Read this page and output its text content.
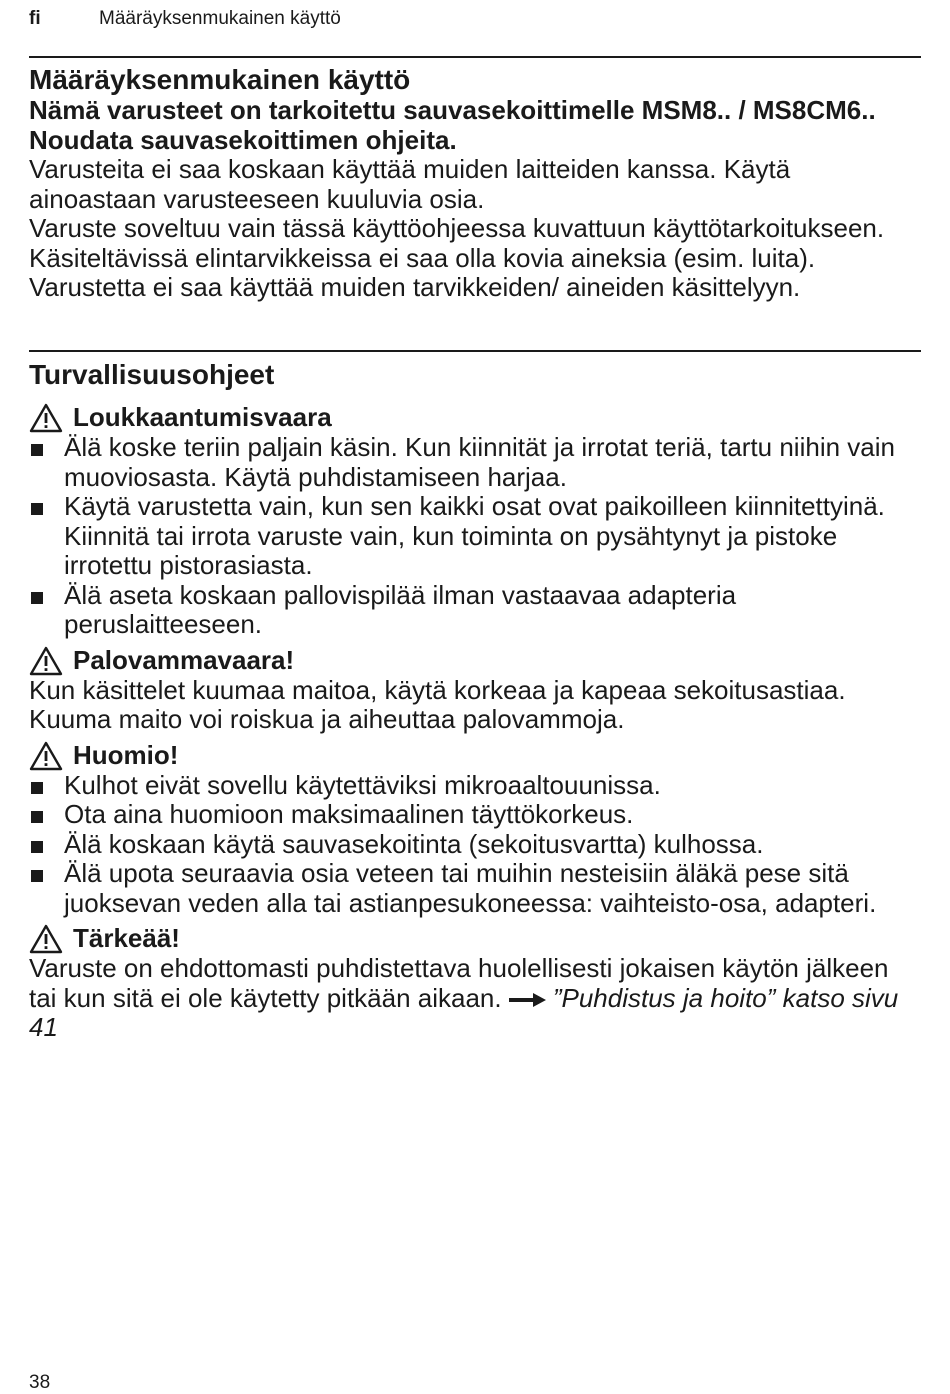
fi	Määräyksenmukainen käyttö
Määräyksenmukainen käyttö

Nämä varusteet on tarkoitettu sauvasekoittimelle MSM8.. / MS8CM6.. Noudata sauvasekoittimen ohjeita.

Varusteita ei saa koskaan käyttää muiden laitteiden kanssa. Käytä ainoastaan varusteeseen kuuluvia osia.

Varuste soveltuu vain tässä käyttöohjeessa kuvattuun käyttötarkoitukseen. Käsiteltävissä elintarvikkeissa ei saa olla kovia aineksia (esim. luita). Varustetta ei saa käyttää muiden tarvikkeiden/ aineiden käsittelyyn.

Turvallisuusohjeet
Loukkaantumisvaara
Älä koske teriin paljain käsin. Kun kiinnität ja irrotat teriä, tartu niihin vain muoviosasta. Käytä puhdistamiseen harjaa.
Käytä varustetta vain, kun sen kaikki osat ovat paikoilleen kiinnitettyinä. Kiinnitä tai irrota varuste vain, kun toiminta on pysähtynyt ja pistoke irrotettu pistorasiasta.
Älä aseta koskaan pallovispilää ilman vastaavaa adapteria peruslaitteeseen.
Palovammavaara!

Kun käsittelet kuumaa maitoa, käytä korkeaa ja kapeaa sekoitusastiaa. Kuuma maito voi roiskua ja aiheuttaa palovammoja.

Huomio!
Kulhot eivät sovellu käytettäviksi mikroaaltouunissa.
Ota aina huomioon maksimaalinen täyttökorkeus.
Älä koskaan käytä sauvasekoitinta (sekoitusvartta) kulhossa.
Älä upota seuraavia osia veteen tai muihin nesteisiin äläkä pese sitä juoksevan veden alla tai astianpesukoneessa: vaihteisto-osa, adapteri.
Tärkeää!

Varuste on ehdottomasti puhdistettava huolellisesti jokaisen käytön jälkeen tai kun sitä ei ole käytetty pitkään aikaan. ”Puhdistus ja hoito” katso sivu 41

38
